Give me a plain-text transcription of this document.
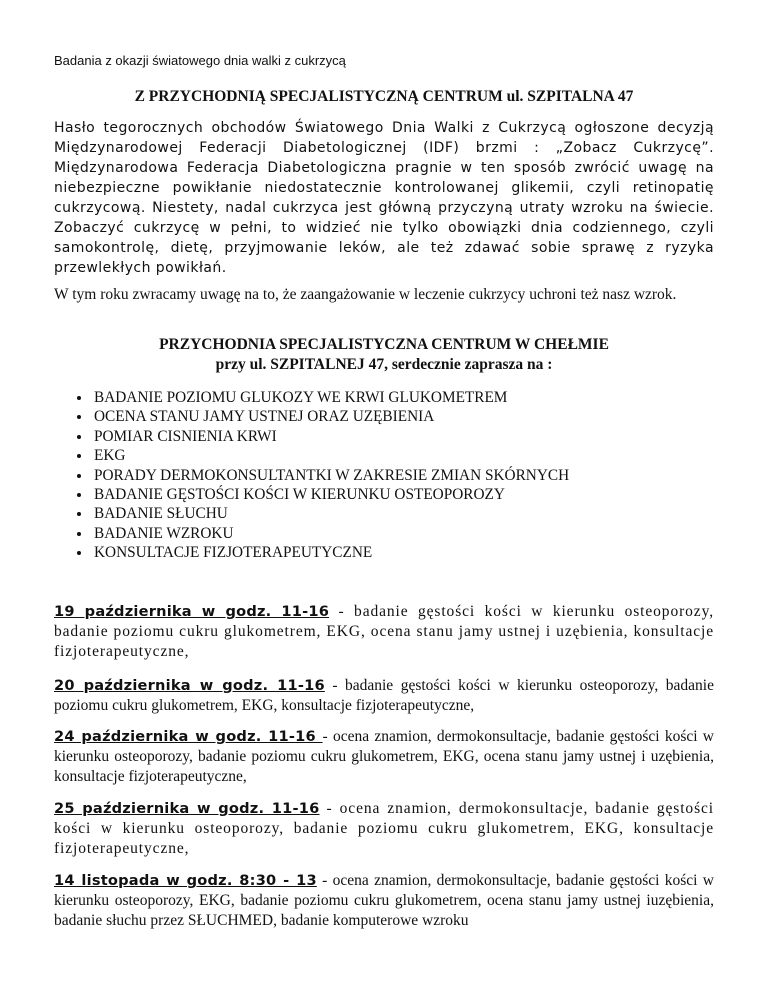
Badania z okazji światowego dnia walki z cukrzycą
Z PRZYCHODNIĄ SPECJALISTYCZNĄ CENTRUM ul. SZPITALNA 47
Hasło tegorocznych obchodów Światowego Dnia Walki z Cukrzycą ogłoszone decyzją Międzynarodowej Federacji Diabetologicznej (IDF) brzmi : „Zobacz Cukrzycę”. Międzynarodowa Federacja Diabetologiczna pragnie w ten sposób zwrócić uwagę na niebezpieczne powikłanie niedostatecznie kontrolowanej glikemii, czyli retinopatię cukrzycową. Niestety, nadal cukrzyca jest główną przyczyną utraty wzroku na świecie. Zobaczyć cukrzycę w pełni, to widzieć nie tylko obowiązki dnia codziennego, czyli samokontrolę, dietę, przyjmowanie leków, ale też zdawać sobie sprawę z ryzyka przewlekłych powikłań.
W tym roku zwracamy uwagę na to, że zaangażowanie w leczenie cukrzycy uchroni też nasz wzrok.
PRZYCHODNIA SPECJALISTYCZNA CENTRUM W CHEŁMIE
przy ul. SZPITALNEJ 47, serdecznie zaprasza na :
• BADANIE POZIOMU GLUKOZY WE KRWI GLUKOMETREM
• OCENA STANU JAMY USTNEJ ORAZ UZĘBIENIA
• POMIAR CISNIENIA KRWI
• EKG
• PORADY DERMOKONSULTANTKI W ZAKRESIE ZMIAN SKÓRNYCH
• BADANIE GĘSTOŚCI KOŚCI W KIERUNKU OSTEOPOROZY
• BADANIE SŁUCHU
• BADANIE WZROKU
• KONSULTACJE FIZJOTERAPEUTYCZNE
19 października w godz. 11-16 - badanie gęstości kości w kierunku osteoporozy, badanie poziomu cukru glukometrem, EKG, ocena stanu jamy ustnej i uzębienia, konsultacje fizjoterapeutyczne,
20 października w godz. 11-16 - badanie gęstości kości w kierunku osteoporozy, badanie poziomu cukru glukometrem, EKG, konsultacje fizjoterapeutyczne,
24 października w godz. 11-16 - ocena znamion, dermokonsultacje, badanie gęstości kości w kierunku osteoporozy, badanie poziomu cukru glukometrem, EKG, ocena stanu jamy ustnej i uzębienia, konsultacje fizjoterapeutyczne,
25 października w godz. 11-16 - ocena znamion, dermokonsultacje, badanie gęstości kości w kierunku osteoporozy, badanie poziomu cukru glukometrem, EKG, konsultacje fizjoterapeutyczne,
14 listopada w godz. 8:30 - 13 - ocena znamion, dermokonsultacje, badanie gęstości kości w kierunku osteoporozy, EKG, badanie poziomu cukru glukometrem, ocena stanu jamy ustnej iuzębienia, badanie słuchu przez SŁUCHMED, badanie komputerowe wzroku
